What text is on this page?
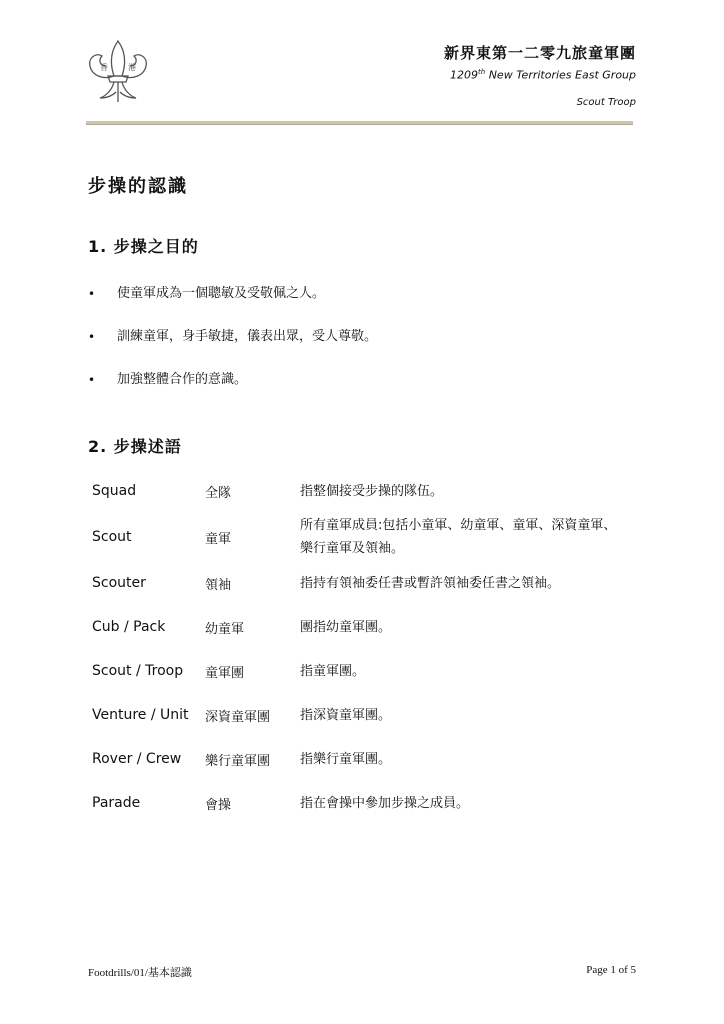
香	港
新界東第一二零九旅童軍團
1209th New Territories East Group
Scout Troop
步操的認識
1. 步操之目的
• 使童軍成為一個聰敏及受敬佩之人。
• 訓練童軍，身手敏捷，儀表出眾，受人尊敬。
• 加強整體合作的意識。
2. 步操述語
Squad	全隊	指整個接受步操的隊伍。
Scout	童軍	所有童軍成員:包括小童軍、幼童軍、童軍、深資童軍、
樂行童軍及領袖。

Scouter	領袖	指持有領袖委任書或暫許領袖委任書之領袖。
Cub / Pack	幼童軍	團指幼童軍團。
Scout / Troop	童軍團	指童軍團。
Venture / Unit	深資童軍團	指深資童軍團。
Rover / Crew	樂行童軍團	指樂行童軍團。
Parade	會操	指在會操中參加步操之成員。
Footdrills/01/基本認識	Page 1 of 5
